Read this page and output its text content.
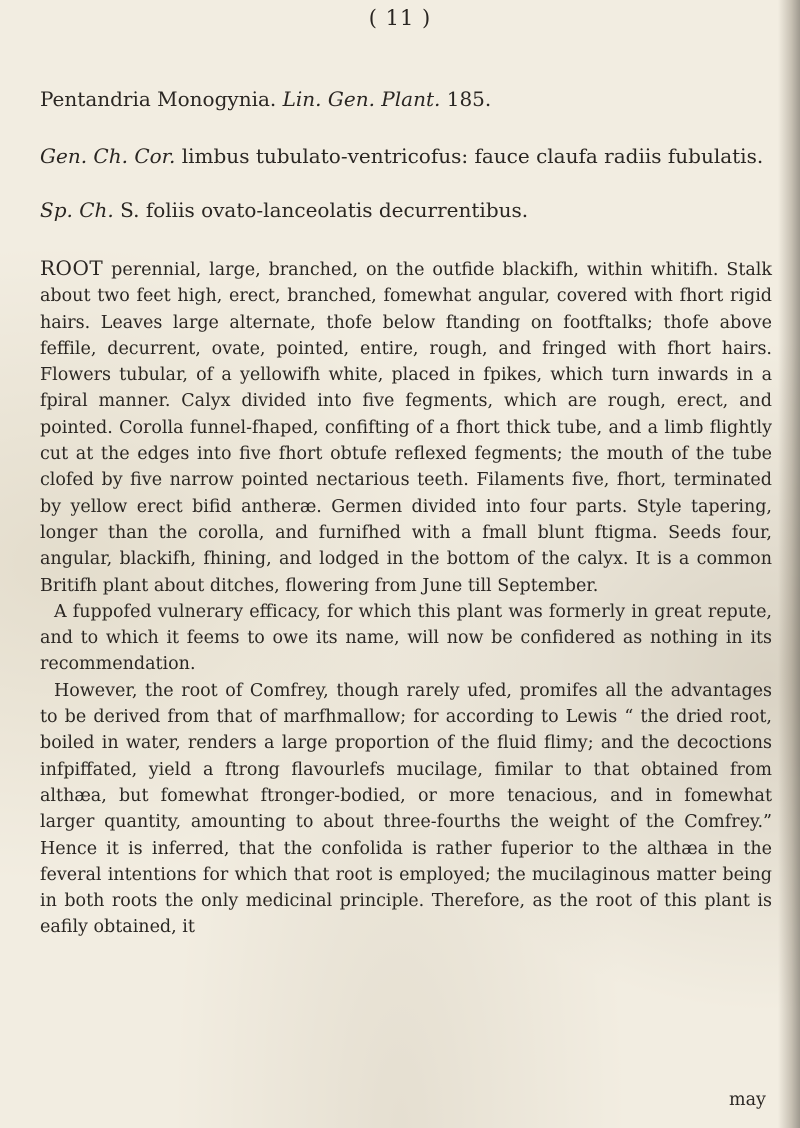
( 11 )
Pentandria Monogynia. Lin. Gen. Plant. 185.
Gen. Ch. Cor. limbus tubulato-ventricofus: fauce claufa radiis fubulatis.
Sp. Ch. S. foliis ovato-lanceolatis decurrentibus.

ROOT perennial, large, branched, on the outfide blackifh, within whitifh. Stalk about two feet high, erect, branched, fomewhat angular, covered with fhort rigid hairs. Leaves large alternate, thofe below ftanding on footftalks; thofe above feffile, decurrent, ovate, pointed, entire, rough, and fringed with fhort hairs. Flowers tubular, of a yellowifh white, placed in fpikes, which turn inwards in a fpiral manner. Calyx divided into five fegments, which are rough, erect, and pointed. Corolla funnel-fhaped, confifting of a fhort thick tube, and a limb flightly cut at the edges into five fhort obtufe reflexed fegments; the mouth of the tube clofed by five narrow pointed nectarious teeth. Filaments five, fhort, terminated by yellow erect bifid antheræ. Germen divided into four parts. Style tapering, longer than the corolla, and furnifhed with a fmall blunt ftigma. Seeds four, angular, blackifh, fhining, and lodged in the bottom of the calyx. It is a common Britifh plant about ditches, flowering from June till September.

A fuppofed vulnerary efficacy, for which this plant was formerly in great repute, and to which it feems to owe its name, will now be confidered as nothing in its recommendation.

However, the root of Comfrey, though rarely ufed, promifes all the advantages to be derived from that of marfhmallow; for according to Lewis “ the dried root, boiled in water, renders a large proportion of the fluid flimy; and the decoctions infpiffated, yield a ftrong flavourlefs mucilage, fimilar to that obtained from althæa, but fomewhat ftronger-bodied, or more tenacious, and in fomewhat larger quantity, amounting to about three-fourths the weight of the Comfrey.” Hence it is inferred, that the confolida is rather fuperior to the althæa in the feveral intentions for which that root is employed; the mucilaginous matter being in both roots the only medicinal principle. Therefore, as the root of this plant is eafily obtained, it

may
